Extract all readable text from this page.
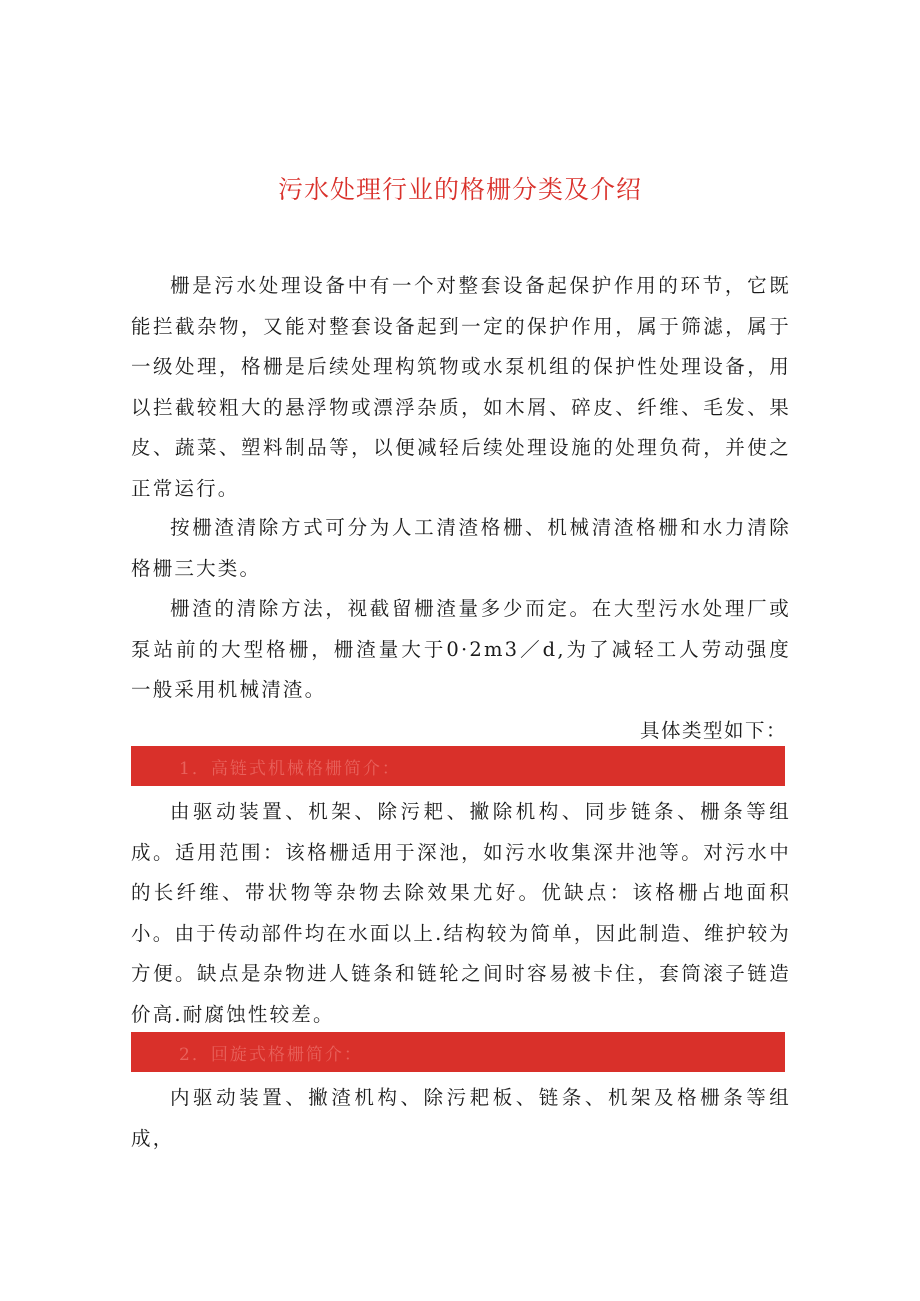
污水处理行业的格栅分类及介绍

栅是污水处理设备中有一个对整套设备起保护作用的环节，它既能拦截杂物，又能对整套设备起到一定的保护作用，属于筛滤，属于一级处理，格栅是后续处理构筑物或水泵机组的保护性处理设备，用以拦截较粗大的悬浮物或漂浮杂质，如木屑、碎皮、纤维、毛发、果皮、蔬菜、塑料制品等，以便减轻后续处理设施的处理负荷，并使之正常运行。

按栅渣清除方式可分为人工清渣格栅、机械清渣格栅和水力清除格栅三大类。

栅渣的清除方法，视截留栅渣量多少而定。在大型污水处理厂或泵站前的大型格栅，栅渣量大于0·2m3／d,为了减轻工人劳动强度一般采用机械清渣。

具体类型如下：

1．高链式机械格栅简介：

由驱动装置、机架、除污耙、撇除机构、同步链条、栅条等组成。适用范围：该格栅适用于深池，如污水收集深井池等。对污水中的长纤维、带状物等杂物去除效果尤好。优缺点：该格栅占地面积小。由于传动部件均在水面以上.结构较为简单，因此制造、维护较为方便。缺点是杂物进人链条和链轮之间时容易被卡住，套筒滚子链造价高.耐腐蚀性较差。

2．回旋式格栅简介：

内驱动装置、撇渣机构、除污耙板、链条、机架及格栅条等组成，
